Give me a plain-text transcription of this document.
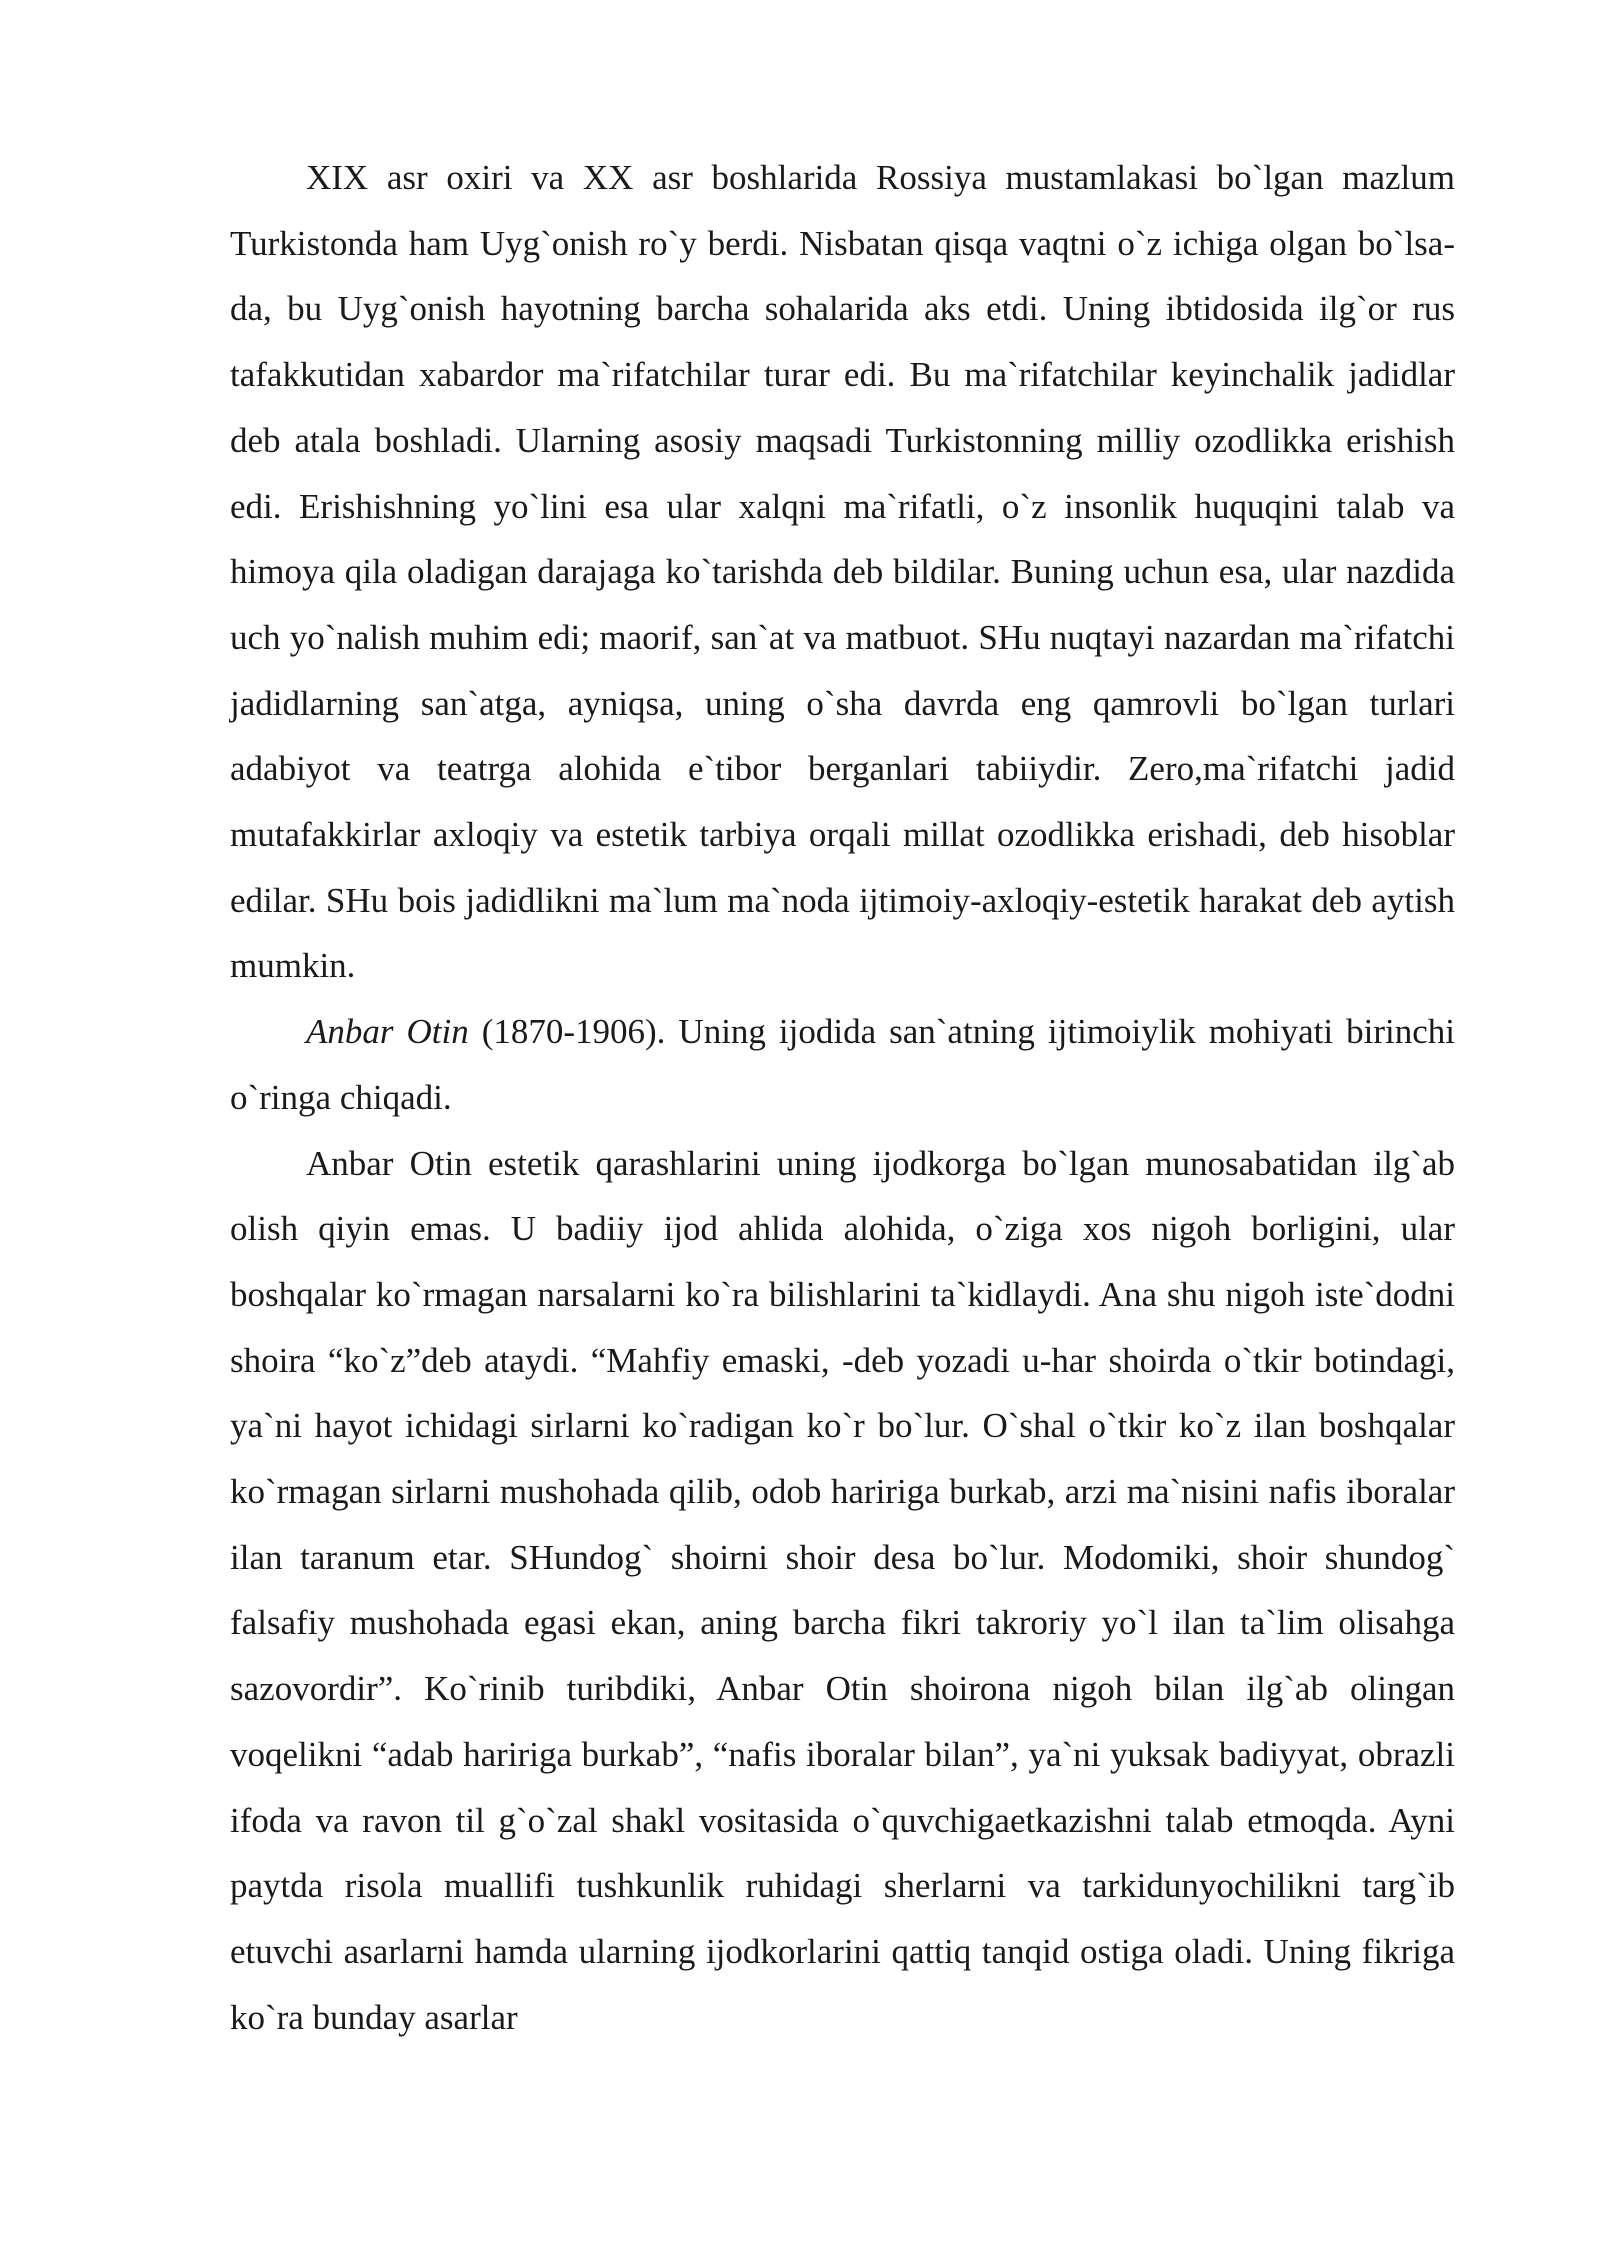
XIX asr oxiri va XX asr boshlarida Rossiya mustamlakasi bo`lgan mazlum Turkistonda ham Uyg`onish ro`y berdi. Nisbatan qisqa vaqtni o`z ichiga olgan bo`lsa-da, bu Uyg`onish hayotning barcha sohalarida aks etdi. Uning ibtidosida ilg`or rus tafakkutidan xabardor ma`rifatchilar turar edi. Bu ma`rifatchilar keyinchalik jadidlar deb atala boshladi. Ularning asosiy maqsadi Turkistonning milliy ozodlikka erishish edi. Erishishning yo`lini esa ular xalqni ma`rifatli, o`z insonlik huquqini talab va himoya qila oladigan darajaga ko`tarishda deb bildilar. Buning uchun esa, ular nazdida uch yo`nalish muhim edi; maorif, san`at va matbuot. SHu nuqtayi nazardan ma`rifatchi jadidlarning san`atga, ayniqsa, uning o`sha davrda eng qamrovli bo`lgan turlari adabiyot va teatrga alohida e`tibor berganlari tabiiydir. Zero,ma`rifatchi jadid mutafakkirlar axloqiy va estetik tarbiya orqali millat ozodlikka erishadi, deb hisoblar edilar. SHu bois jadidlikni ma`lum ma`noda ijtimoiy-axloqiy-estetik harakat deb aytish mumkin.

Anbar Otin (1870-1906). Uning ijodida san`atning ijtimoiylik mohiyati birinchi o`ringa chiqadi.

Anbar Otin estetik qarashlarini uning ijodkorga bo`lgan munosabatidan ilg`ab olish qiyin emas. U badiiy ijod ahlida alohida, o`ziga xos nigoh borligini, ular boshqalar ko`rmagan narsalarni ko`ra bilishlarini ta`kidlaydi. Ana shu nigoh iste`dodni shoira “ko`z”deb ataydi. “Mahfiy emaski, -deb yozadi u-har shoirda o`tkir botindagi, ya`ni hayot ichidagi sirlarni ko`radigan ko`r bo`lur. O`shal o`tkir ko`z ilan boshqalar ko`rmagan sirlarni mushohada qilib, odob haririga burkab, arzi ma`nisini nafis iboralar ilan taranum etar. SHundog` shoirni shoir desa bo`lur. Modomiki, shoir shundog` falsafiy mushohada egasi ekan, aning barcha fikri takroriy yo`l ilan ta`lim olisahga sazovordir”. Ko`rinib turibdiki, Anbar Otin shoirona nigoh bilan ilg`ab olingan voqelikni “adab haririga burkab”, “nafis iboralar bilan”, ya`ni yuksak badiyyat, obrazli ifoda va ravon til g`o`zal shakl vositasida o`quvchigaetkazishni talab etmoqda. Ayni paytda risola muallifi tushkunlik ruhidagi sherlarni va tarkidunyochilikni targ`ib etuvchi asarlarni hamda ularning ijodkorlarini qattiq tanqid ostiga oladi. Uning fikriga ko`ra bunday asarlar
